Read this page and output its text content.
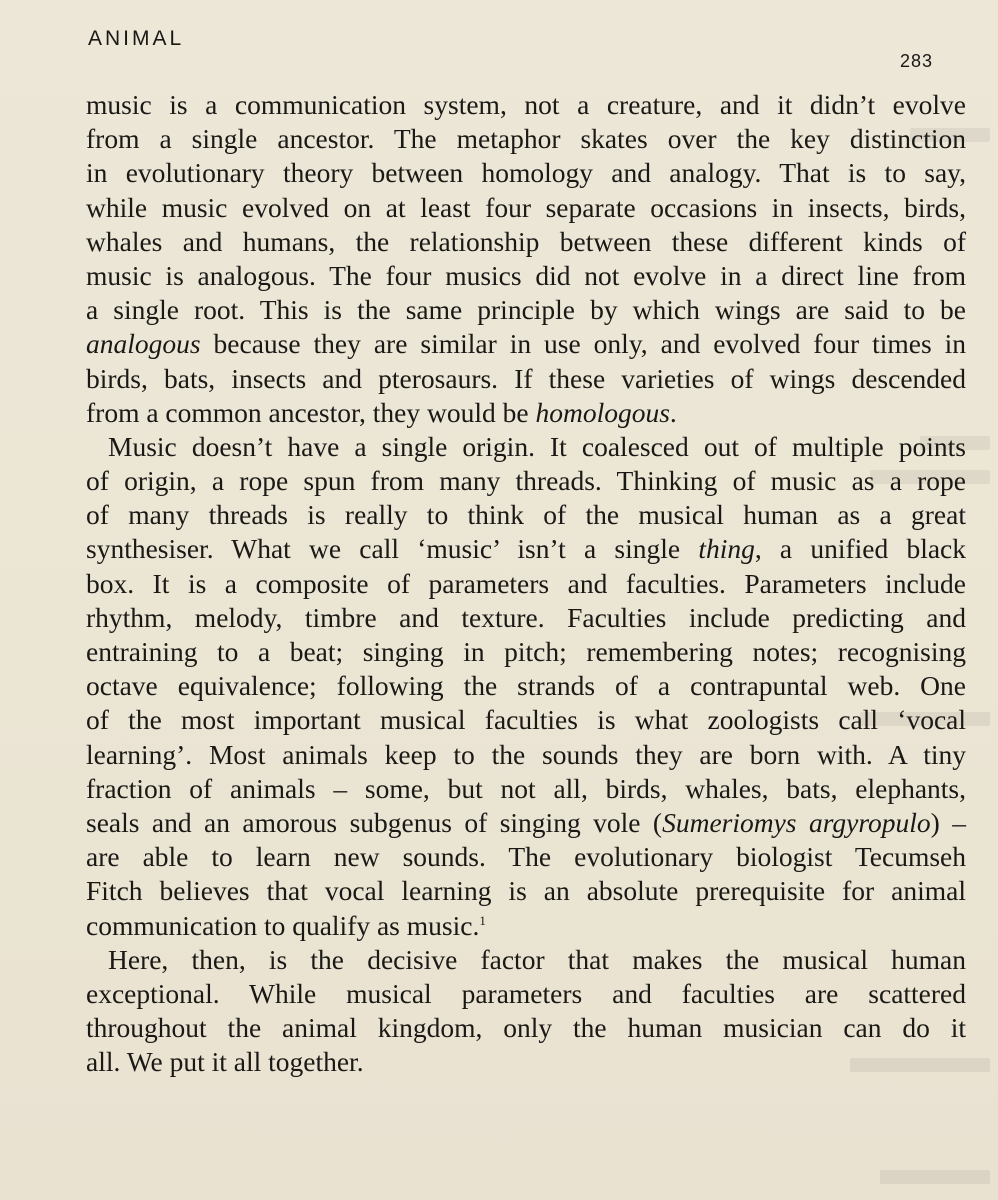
ANIMAL
283
music is a communication system, not a creature, and it didn’t evolve
from a single ancestor. The metaphor skates over the key distinction
in evolutionary theory between homology and analogy. That is to say,
while music evolved on at least four separate occasions in insects, birds,
whales and humans, the relationship between these different kinds of
music is analogous. The four musics did not evolve in a direct line from
a single root. This is the same principle by which wings are said to be
analogous because they are similar in use only, and evolved four times in
birds, bats, insects and pterosaurs. If these varieties of wings descended
from a common ancestor, they would be homologous.
Music doesn’t have a single origin. It coalesced out of multiple points
of origin, a rope spun from many threads. Thinking of music as a rope
of many threads is really to think of the musical human as a great
synthesiser. What we call ‘music’ isn’t a single thing, a unified black
box. It is a composite of parameters and faculties. Parameters include
rhythm, melody, timbre and texture. Faculties include predicting and
entraining to a beat; singing in pitch; remembering notes; recognising
octave equivalence; following the strands of a contrapuntal web. One
of the most important musical faculties is what zoologists call ‘vocal
learning’. Most animals keep to the sounds they are born with. A tiny
fraction of animals – some, but not all, birds, whales, bats, elephants,
seals and an amorous subgenus of singing vole (Sumeriomys argyropulo) –
are able to learn new sounds. The evolutionary biologist Tecumseh
Fitch believes that vocal learning is an absolute prerequisite for animal
communication to qualify as music.$^1$
Here, then, is the decisive factor that makes the musical human
exceptional. While musical parameters and faculties are scattered
throughout the animal kingdom, only the human musician can do it
all. We put it all together.
